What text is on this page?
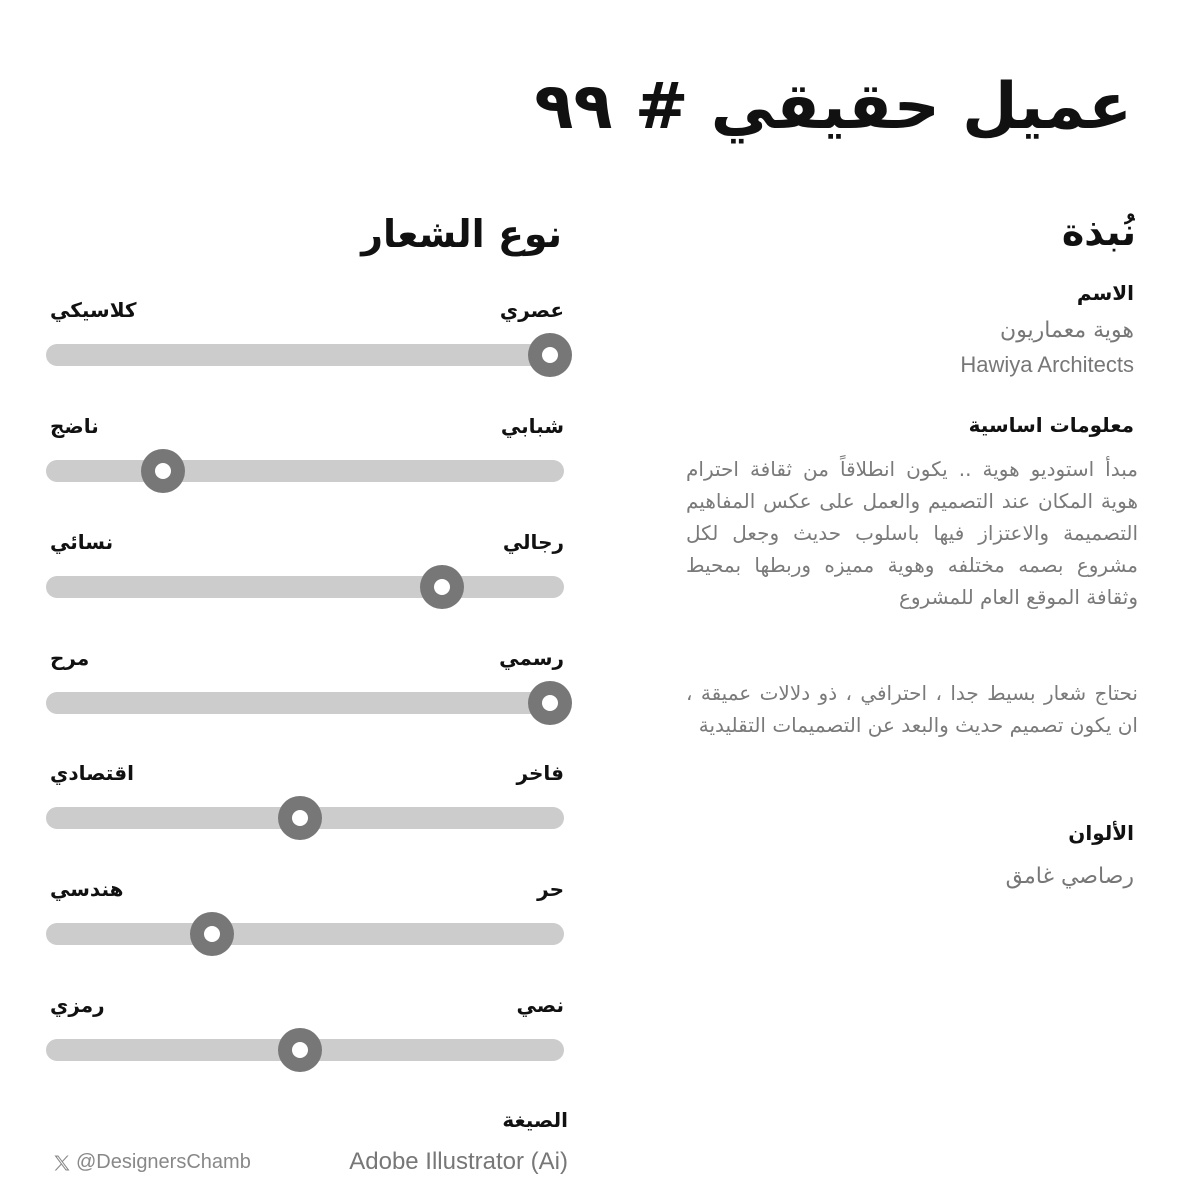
عميل حقيقي # ٩٩
نُبذة
الاسم
هوية معماريون
Hawiya Architects
معلومات اساسية
مبدأ استوديو هوية .. يكون انطلاقاً من ثقافة احترام هوية المكان عند التصميم والعمل على عكس المفاهيم التصميمة والاعتزاز فيها باسلوب حديث وجعل لكل مشروع بصمه مختلفه وهوية مميزه وربطها بمحيط وثقافة الموقع العام للمشروع
نحتاج شعار بسيط جدا ، احترافي ، ذو دلالات عميقة ، ان يكون تصميم حديث والبعد عن التصميمات التقليدية
الألوان
رصاصي غامق
نوع الشعار
عصري
كلاسيكي
شبابي
ناضج
رجالي
نسائي
رسمي
مرح
فاخر
اقتصادي
حر
هندسي
نصي
رمزي
الصيغة
Adobe Illustrator (Ai)
@DesignersChamb
